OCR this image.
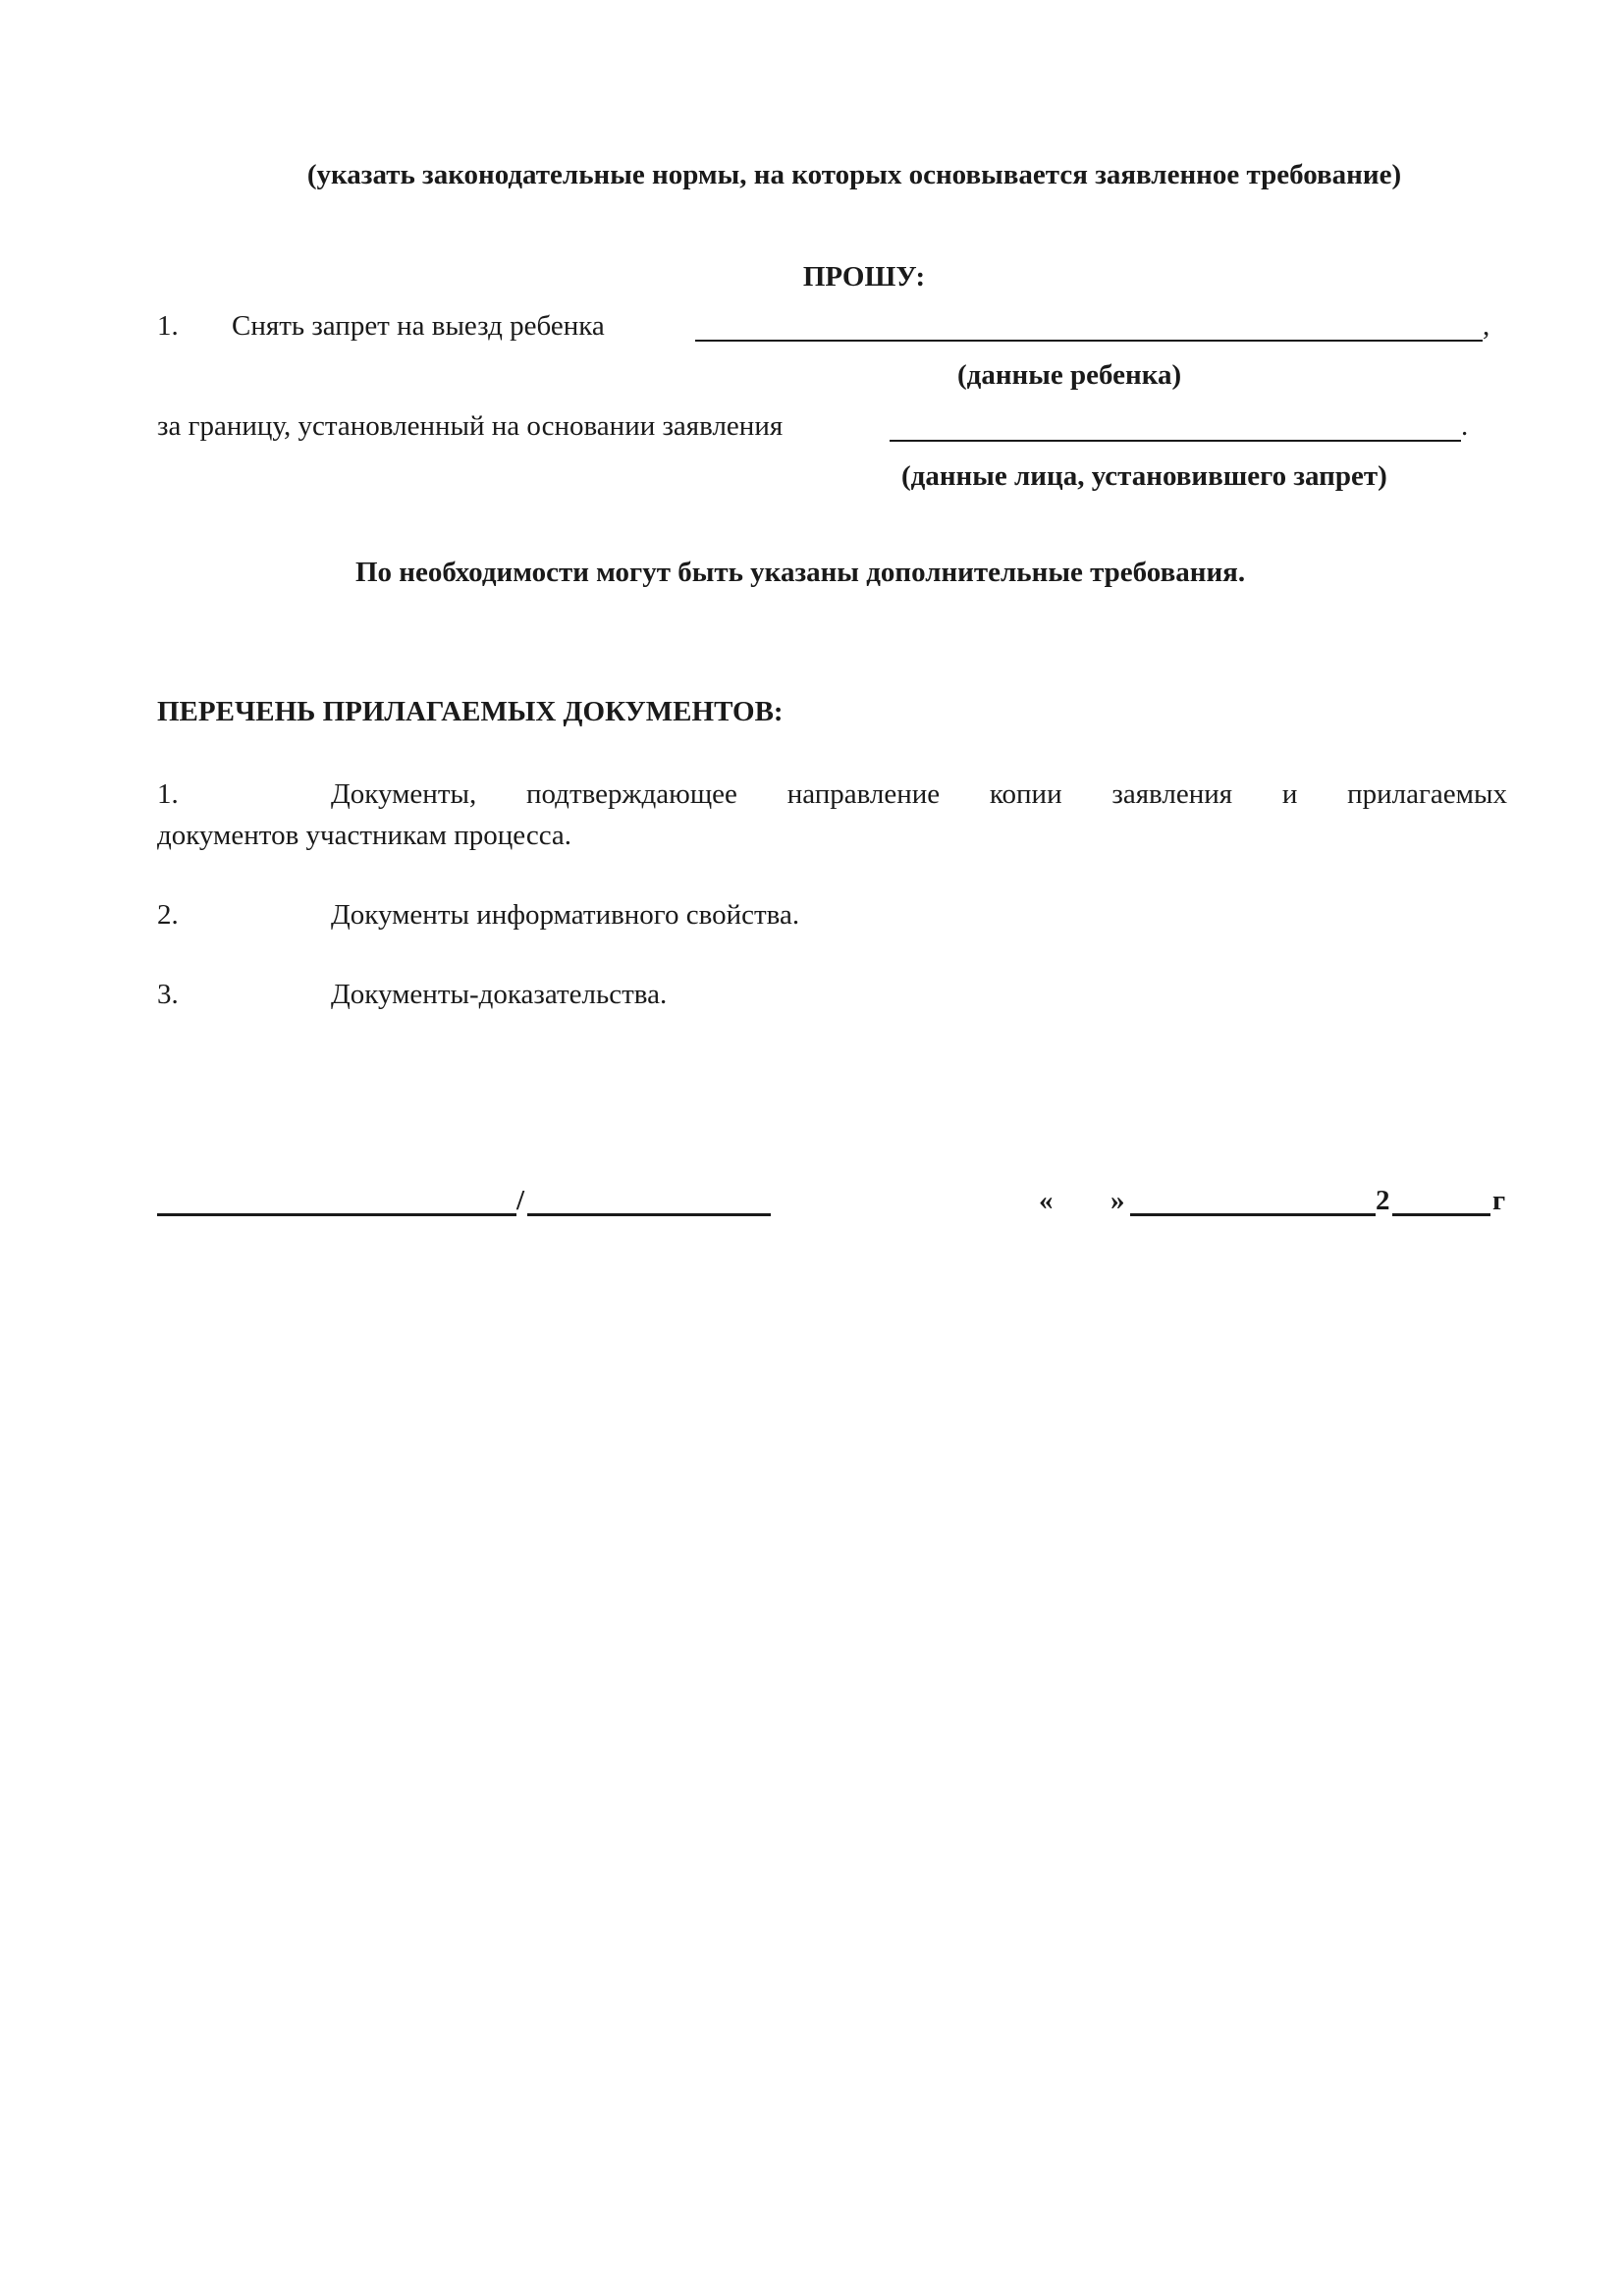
(указать законодательные нормы, на которых основывается заявленное требование)
ПРОШУ:
1. Снять запрет на выезд ребенка	,
(данные ребенка)
за границу, установленный на основании заявления	.
(данные лица, установившего запрет)
По необходимости могут быть указаны дополнительные требования.
ПЕРЕЧЕНЬ ПРИЛАГАЕМЫХ ДОКУМЕНТОВ:
1.	Документы, подтверждающее направление копии заявления и прилагаемых
документов участникам процесса.
2.	Документы информативного свойства.
3.	Документы-доказательства.
/	« »	2	г
